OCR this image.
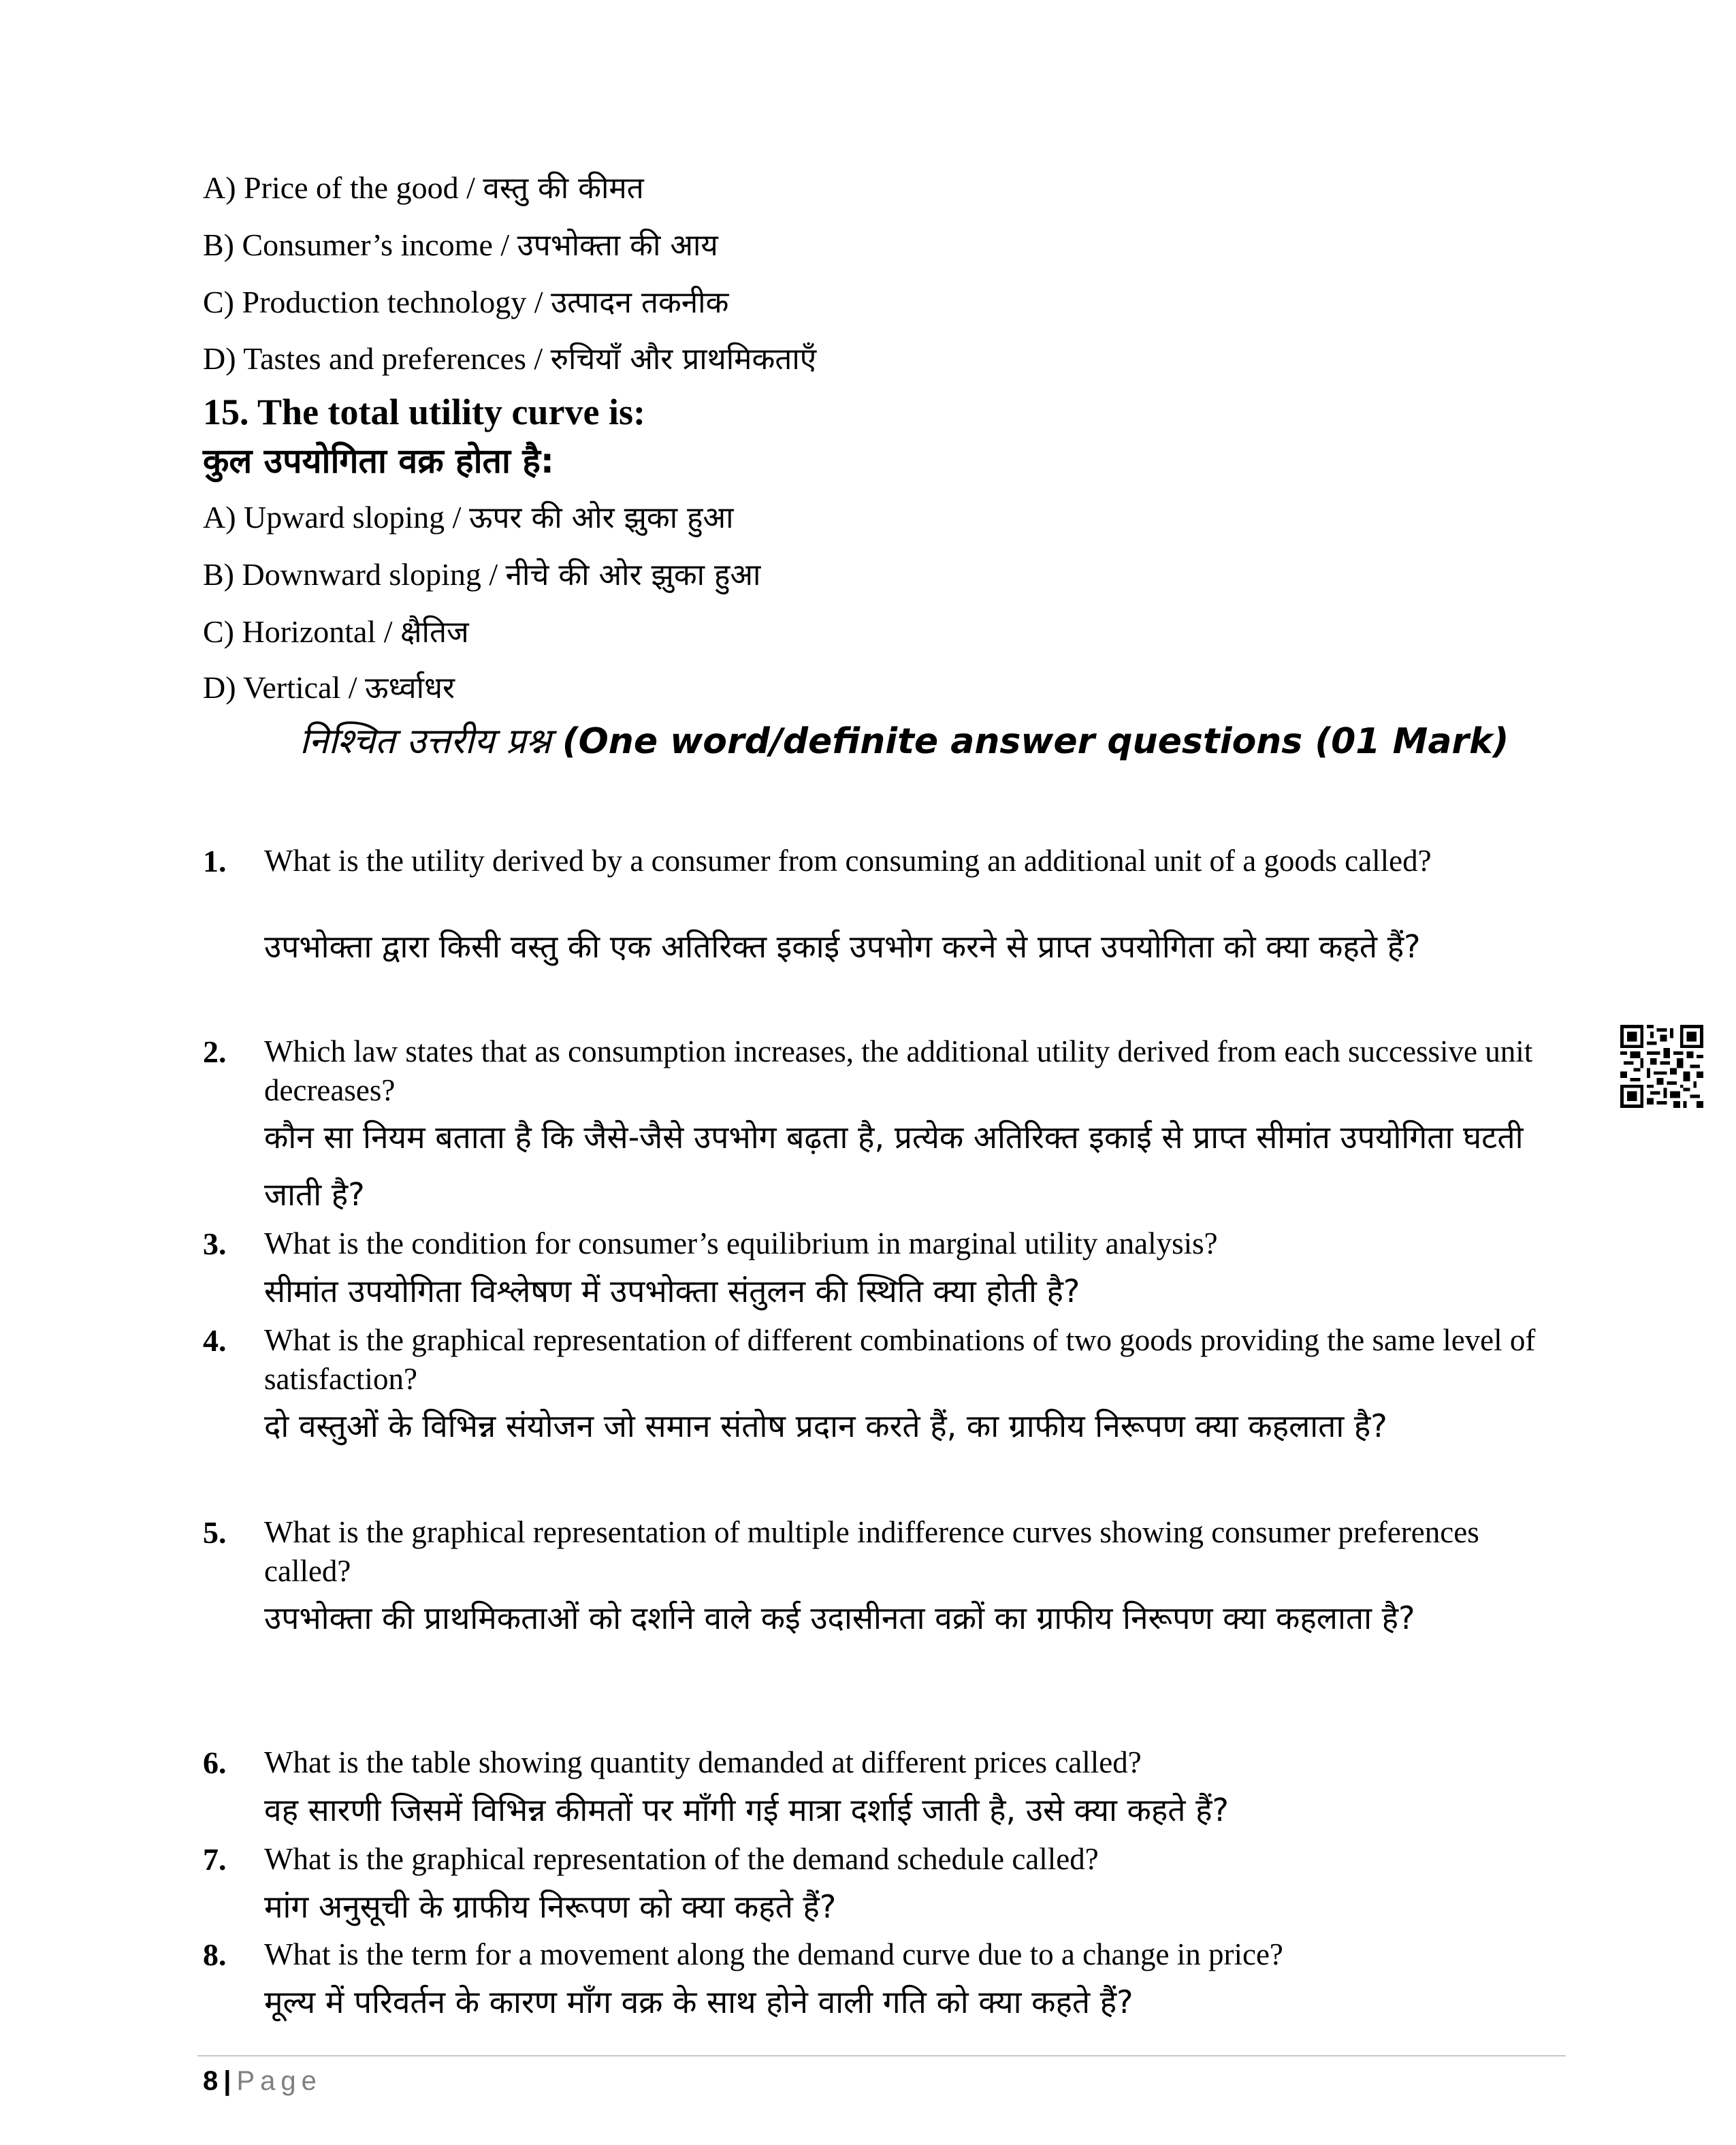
A) Price of the good / वस्तु की कीमत
B) Consumer’s income / उपभोक्ता की आय
C) Production technology / उत्पादन तकनीक
D) Tastes and preferences / रुचियाँ और प्राथमिकताएँ
15. The total utility curve is:
कुल उपयोगिता वक्र होता है:
A) Upward sloping / ऊपर की ओर झुका हुआ
B) Downward sloping / नीचे की ओर झुका हुआ
C) Horizontal / क्षैतिज
D) Vertical / ऊर्ध्वाधर
निश्चित उत्तरीय प्रश्न (One word/definite answer questions (01 Mark)
1. What is the utility derived by a consumer from consuming an additional unit of a goods called?
उपभोक्ता द्वारा किसी वस्तु की एक अतिरिक्त इकाई उपभोग करने से प्राप्त उपयोगिता को क्या कहते हैं?
2. Which law states that as consumption increases, the additional utility derived from each successive unit decreases?
कौन सा नियम बताता है कि जैसे-जैसे उपभोग बढ़ता है, प्रत्येक अतिरिक्त इकाई से प्राप्त सीमांत उपयोगिता घटती जाती है?
3. What is the condition for consumer’s equilibrium in marginal utility analysis?
सीमांत उपयोगिता विश्लेषण में उपभोक्ता संतुलन की स्थिति क्या होती है?
4. What is the graphical representation of different combinations of two goods providing the same level of satisfaction?
दो वस्तुओं के विभिन्न संयोजन जो समान संतोष प्रदान करते हैं, का ग्राफीय निरूपण क्या कहलाता है?
5. What is the graphical representation of multiple indifference curves showing consumer preferences called?
उपभोक्ता की प्राथमिकताओं को दर्शाने वाले कई उदासीनता वक्रों का ग्राफीय निरूपण क्या कहलाता है?
6. What is the table showing quantity demanded at different prices called?
वह सारणी जिसमें विभिन्न कीमतों पर माँगी गई मात्रा दर्शाई जाती है, उसे क्या कहते हैं?
7. What is the graphical representation of the demand schedule called?
मांग अनुसूची के ग्राफीय निरूपण को क्या कहते हैं?
8. What is the term for a movement along the demand curve due to a change in price?
मूल्य में परिवर्तन के कारण माँग वक्र के साथ होने वाली गति को क्या कहते हैं?
8 | Page
